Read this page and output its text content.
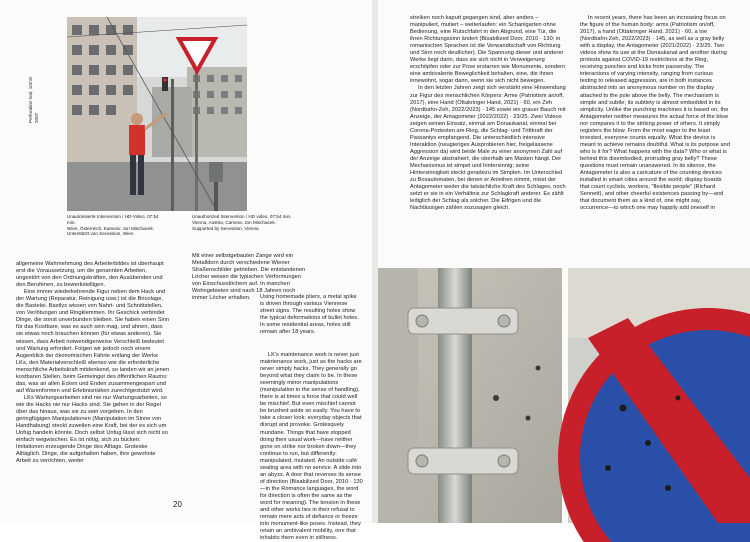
Perforation tool, 10mm 2007
Unautorisierte Intervention / HD-Video, 07:54 min.
Wien, Österreich, Kamera: Jon Mischacek.
Unterstützt von Secession, Wien
Unauthorized Intervention / HD video, 07:54 min.
Vienna, Austria, Camera: Jon Mischacek.
Supported by Secession, Vienna

Mit einer selbstgebauten Zange wird ein Metalldorn durch verschiedene Wiener Straßenschilder getrieben. Die entstandenen Löcher weisen die typischen Verformungen von Einschusslöchern auf. In manchen Wohngebieten sind nach 18 Jahren noch immer Löcher erhalten.	Using homemade pliers, a metal spike is driven through various Viennese street signs. The resulting holes show the typical deformations of bullet holes. In some residential areas, holes still remain after 18 years.

allgemeine Wahrnehmung des Arbeiterbildes ist überhaupt erst die Voraussetzung, um die genannten Arbeiten, ungestört von den Ordnungskräften, den Ausübenden und den Berufenen, zu bewerkstelligen.

Eine immer wiederkehrende Figur neben dem Hack und der Wartung (Reparatur, Reinigung usw.) ist die Bricolage, die Bastelei. Bastlys wissen von Nahrt- und Schnittstellen, von Verlötungen und Ringklemmen. Ihr Geschick verbindet Dinge, die sonst unverbunden bleiben. Sie haben einen Sinn für das Kostbare, was es auch sein mag, und ahnen, dass sie etwas noch brauchen können (für etwas anderes). Sie wissen, dass Arbeit notwendigerweise Verschleiß bedeutet und Wartung erfordert. Folgen wir jedoch noch einem Augenblick der ökonomischen Fährte entlang der Werke LKs, den Materialverschleiß ebenso wie die erforderliche menschliche Arbeitskraft mitdenkend, so landen wir an jenen kostbaren Stellen, beim Gemeingut des öffentlichen Raums: das, was an allen Ecken und Enden zusammengespart und auf Warenformen und Erlebnisrisiken zurechtgestutzt wird.

LKs Wartungsarbeiten sind nie nur Wartungsarbeiten, so wie die Hacks nie nur Hacks sind. Sie gehen in der Regel über das hinaus, was sie zu sein vorgeben. In den geringfügigen Manipulationen (Manipulation im Sinne von Handhabung) steckt zuweilen eine Kraft, bei der es sich um Unfug handeln könnte. Doch selbst Unfug lässt sich nicht so einfach wegwischen. Es ist nötig, sich zu bücken: Imitationen erzeugende Dinge des Alltags. Groteske Alltäglich. Dinge, die aufgehalten haben, ihre gewohnte Arbeit zu verrichten, weder

LK's maintenance work is never just maintenance work, just as the hacks are never simply hacks. They generally go beyond what they claim to be. In these seemingly minor manipulations (manipulation in the sense of handling), there is at times a force that could well be mischief. But even mischief cannot be brushed aside so easily. You have to take a closer look: everyday objects that disrupt and provoke. Grotesquely mundane. Things that have stopped doing their usual work—have neither gone on strike nor broken down—they continue to run, but differently: manipulated, mutated. An outside café seating area with no service. A slide into an abyss. A door that reverses its sense of direction (Bisabilized Door, 2010 · 130—in the Romance languages, the word for direction is often the same as the word for meaning). The tension in these and other works lies in their refusal to remain mere acts of defiance or freeze into monument-like poses. Instead, they retain an ambivalent mobility, one that inhabits them even in stillness.

20

streiken noch kaputt gegangen sind, aber anders – manipuliert, mutiert – weiterlaufen: ein Schanigarten ohne Bedienung, eine Rutschfahrt in den Abgrund, eine Tür, die ihren Richtungssinn ändert (Bisabilized Door, 2010 · 130; in romanischen Sprachen ist die Verwandtschaft von Richtung und Sinn noch deutlicher). Die Spannung dieser und anderer Werke liegt darin, dass sie sich nicht in Verweigerung erschöpfen oder zur Pose erstarren wie Monumente, sondern eine ambivalente Beweglichkeit behalten, eine, die ihnen innewohnt, sogar dann, wenn sie sich nicht bewegen.

In den letzten Jahren zeigt sich verstärkt eine Hinwendung zur Figur des menschlichen Körpers: Arme (Patriotism an/off, 2017), eine Hand (Ottakringer Hand, 2021) · 60, ein Zeh (Nordbahn-Zeh, 2022/2023) · 145 sowie ein grauer Bauch mit Anzeige, der Antagometer (2022/2022) · 23/25. Zwei Videos zeigen seinen Einsatz, einmal am Donaukanal, einmal bei Corona-Protesten am Ring, die Schlag- und Trittkraft der Passantys empfangend. Die unterschiedlich intensive Interaktion (neugieriges Ausprobieren hier, freigelassene Aggression da) wird beide Male zu einer anonymen Zahl auf der Anzeige abstrahiert, die oberhalb am Masten hängt. Der Mechanismus ist simpel und hintersinnig; seine Hintersinnigkeit steckt geradezu im Simplen. Im Unterschied zu Boxautomaten, bei denen er Anleihen nimmt, misst der Antagometer weder die tatsächliche Kraft des Schlages, noch setzt er sie in ein Verhältnis zur Schlagkraft anderer. Es zählt lediglich der Schlag als solcher. Die Eifrigen und die Nachlässigen zählen sozusagen gleich.

In recent years, there has been an increasing focus on the figure of the human body: arms (Patriotism on/off, 2017), a hand (Ottakringer Hand, 2021) · 60, a toe (Nordbahn-Zeh, 2022/2023) · 145, as well as a gray belly with a display, the Antagometer (2021/2022) · 23/25. Two videos show its use at the Donaukanal and another during protests against COVID-19 restrictions at the Ring, receiving punches and kicks from passersby. The interactions of varying intensity, ranging from curious testing to released aggression, are in both instances abstracted into an anonymous number on the display attached to the pole above the belly. The mechanism is simple and subtle; its subtlety is almost embedded in its simplicity. Unlike the punching machines it is based on, the Antagometer neither measures the actual force of the blow nor compares it to the striking power of others. It simply registers the blow. From the most eager to the least invested, everyone counts equally. What the device is meant to achieve remains doubtful. What is its purpose and who is it for? What happens with the data? Who or what is behind this disembodied, protruding gray belly? These questions must remain unanswered. In its silence, the Antagometer is also a caricature of the counting devices installed in smart cities around the world: display boards that count cyclists, workers, "flexible people" (Richard Sennett), and other cheerful existences passing by—and that document them as a kind of, one might say, occurrence—to which one may happily add oneself in
